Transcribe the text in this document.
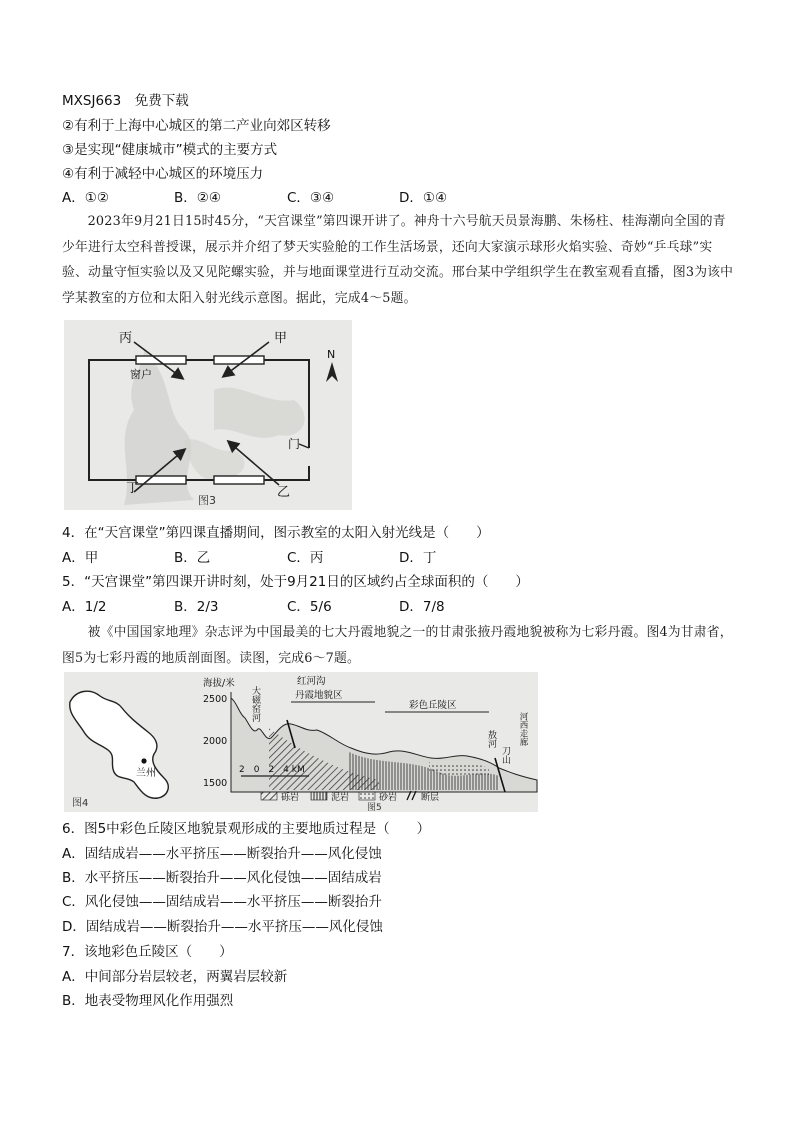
MXSJ663　免费下载
②有利于上海中心城区的第二产业向郊区转移
③是实现“健康城市”模式的主要方式
④有利于减轻中心城区的环境压力
A．①②	B．②④	C．③④	D．①④
2023年9月21日15时45分，“天宫课堂”第四课开讲了。神舟十六号航天员景海鹏、朱杨柱、桂海潮向全国的青少年进行太空科普授课，展示并介绍了梦天实验舱的工作生活场景，还向大家演示球形火焰实验、奇妙“乒乓球”实验、动量守恒实验以及又见陀螺实验，并与地面课堂进行互动交流。邢台某中学组织学生在教室观看直播，图3为该中学某教室的方位和太阳入射光线示意图。据此，完成4～5题。
丙	甲
丁	乙
窗户
门
N
图3
4．在“天宫课堂”第四课直播期间，图示教室的太阳入射光线是（　　）
A．甲	B．乙	C．丙	D．丁
5．“天宫课堂”第四课开讲时刻，处于9月21日的区域约占全球面积的（　　）
A．1/2	B．2/3	C．5/6	D．7/8
被《中国国家地理》杂志评为中国最美的七大丹霞地貌之一的甘肃张掖丹霞地貌被称为七彩丹霞。图4为甘肃省，图5为七彩丹霞的地质剖面图。读图，完成6～7题。
兰州
图4
海拔/米
2500
2000
1500
大磁窑河
红河沟
丹霞地貌区
彩色丘陵区
敖河
刀山
河西走廊
2　0　2　4 kM
砾岩	泥岩	砂岩	断层
图5
6．图5中彩色丘陵区地貌景观形成的主要地质过程是（　　）
A．固结成岩——水平挤压——断裂抬升——风化侵蚀
B．水平挤压——断裂抬升——风化侵蚀——固结成岩
C．风化侵蚀——固结成岩——水平挤压——断裂抬升
D．固结成岩——断裂抬升——水平挤压——风化侵蚀
7．该地彩色丘陵区（　　）
A．中间部分岩层较老，两翼岩层较新
B．地表受物理风化作用强烈
